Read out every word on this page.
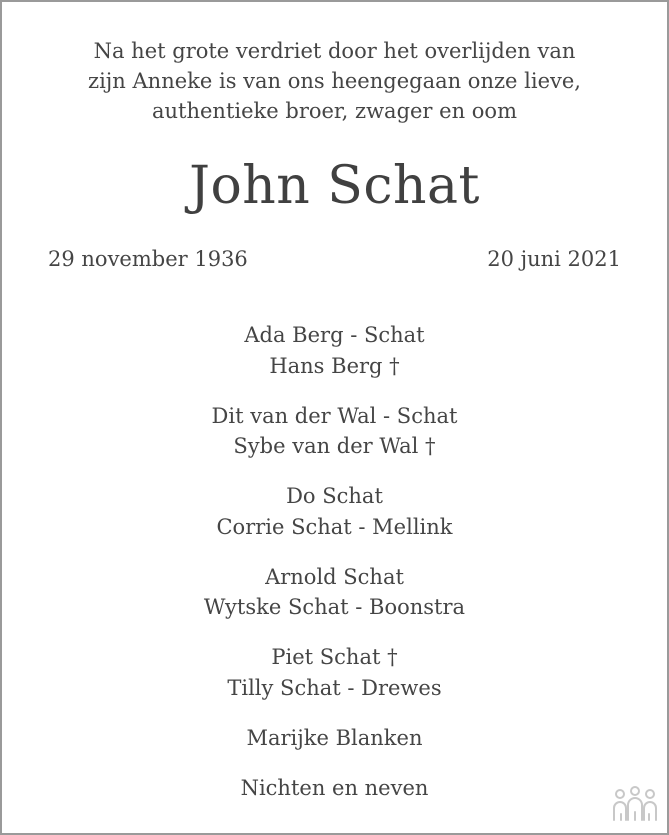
Na het grote verdriet door het overlijden van
zijn Anneke is van ons heengegaan onze lieve,
authentieke broer, zwager en oom
John Schat
29 november 1936	20 juni 2021
Ada Berg - Schat
Hans Berg †
Dit van der Wal - Schat
Sybe van der Wal †
Do Schat
Corrie Schat - Mellink
Arnold Schat
Wytske Schat - Boonstra
Piet Schat †
Tilly Schat - Drewes
Marijke Blanken
Nichten en neven
